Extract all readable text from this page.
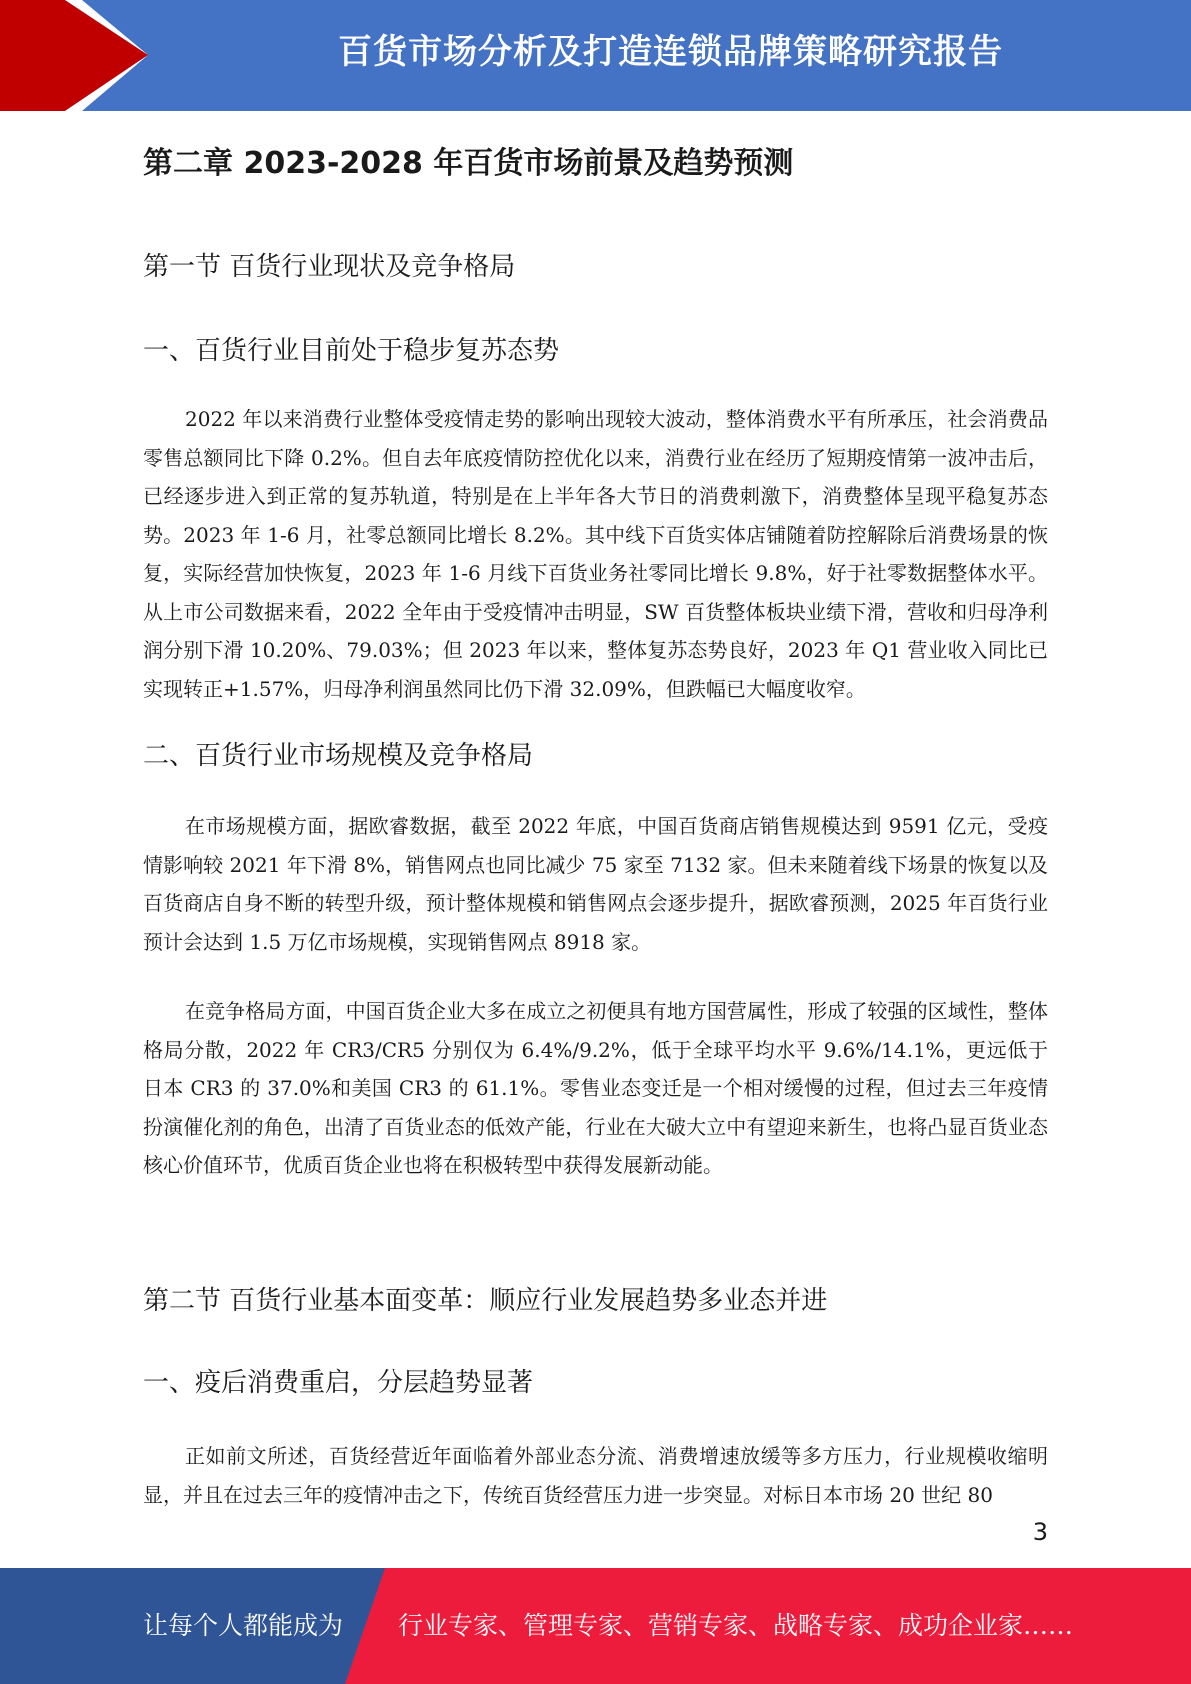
百货市场分析及打造连锁品牌策略研究报告
第二章 2023-2028 年百货市场前景及趋势预测
第一节 百货行业现状及竞争格局
一、百货行业目前处于稳步复苏态势

2022 年以来消费行业整体受疫情走势的影响出现较大波动，整体消费水平有所承压，社会消费品零售总额同比下降 0.2%。但自去年底疫情防控优化以来，消费行业在经历了短期疫情第一波冲击后，已经逐步进入到正常的复苏轨道，特别是在上半年各大节日的消费刺激下，消费整体呈现平稳复苏态势。2023 年 1-6 月，社零总额同比增长 8.2%。其中线下百货实体店铺随着防控解除后消费场景的恢复，实际经营加快恢复，2023 年 1-6 月线下百货业务社零同比增长 9.8%，好于社零数据整体水平。 从上市公司数据来看，2022 全年由于受疫情冲击明显，SW 百货整体板块业绩下滑，营收和归母净利润分别下滑 10.20%、79.03%；但 2023 年以来，整体复苏态势良好，2023 年 Q1 营业收入同比已实现转正+1.57%，归母净利润虽然同比仍下滑 32.09%，但跌幅已大幅度收窄。

二、百货行业市场规模及竞争格局

在市场规模方面，据欧睿数据，截至 2022 年底，中国百货商店销售规模达到 9591 亿元，受疫情影响较 2021 年下滑 8%，销售网点也同比减少 75 家至 7132 家。但未来随着线下场景的恢复以及百货商店自身不断的转型升级，预计整体规模和销售网点会逐步提升，据欧睿预测，2025 年百货行业预计会达到 1.5 万亿市场规模，实现销售网点 8918 家。

在竞争格局方面，中国百货企业大多在成立之初便具有地方国营属性，形成了较强的区域性，整体格局分散，2022 年 CR3/CR5 分别仅为 6.4%/9.2%，低于全球平均水平 9.6%/14.1%，更远低于日本 CR3 的 37.0%和美国 CR3 的 61.1%。零售业态变迁是一个相对缓慢的过程，但过去三年疫情扮演催化剂的角色，出清了百货业态的低效产能，行业在大破大立中有望迎来新生，也将凸显百货业态核心价值环节，优质百货企业也将在积极转型中获得发展新动能。

第二节 百货行业基本面变革：顺应行业发展趋势多业态并进
一、疫后消费重启，分层趋势显著

正如前文所述，百货经营近年面临着外部业态分流、消费增速放缓等多方压力，行业规模收缩明显，并且在过去三年的疫情冲击之下，传统百货经营压力进一步突显。对标日本市场 20 世纪 80

3
让每个人都能成为 行业专家、管理专家、营销专家、战略专家、成功企业家……
